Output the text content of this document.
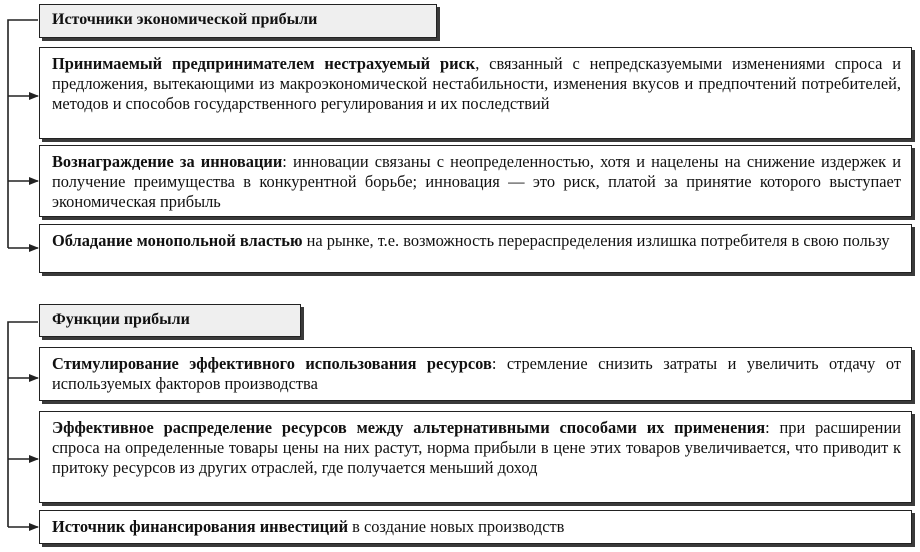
Источники экономической прибыли
Принимаемый предпринимателем нестрахуемый риск, связанный с непредсказуемыми изменениями спроса и предложения, вытекающими из макроэкономической нестабильности, изменения вкусов и предпочтений потребителей, методов и способов государственного регулирования и их последствий
Вознаграждение за инновации: инновации связаны с неопределенностью, хотя и нацелены на снижение издержек и получение преимущества в конкурентной борьбе; инновация — это риск, платой за принятие которого выступает экономическая прибыль
Обладание монопольной властью на рынке, т.е. возможность перераспределения излишка потребителя в свою пользу
Функции прибыли
Стимулирование эффективного использования ресурсов: стремление снизить затраты и увеличить отдачу от используемых факторов производства
Эффективное распределение ресурсов между альтернативными способами их применения: при расширении спроса на определенные товары цены на них растут, норма прибыли в цене этих товаров увеличивается, что приводит к притоку ресурсов из других отраслей, где получается меньший доход
Источник финансирования инвестиций в создание новых производств
